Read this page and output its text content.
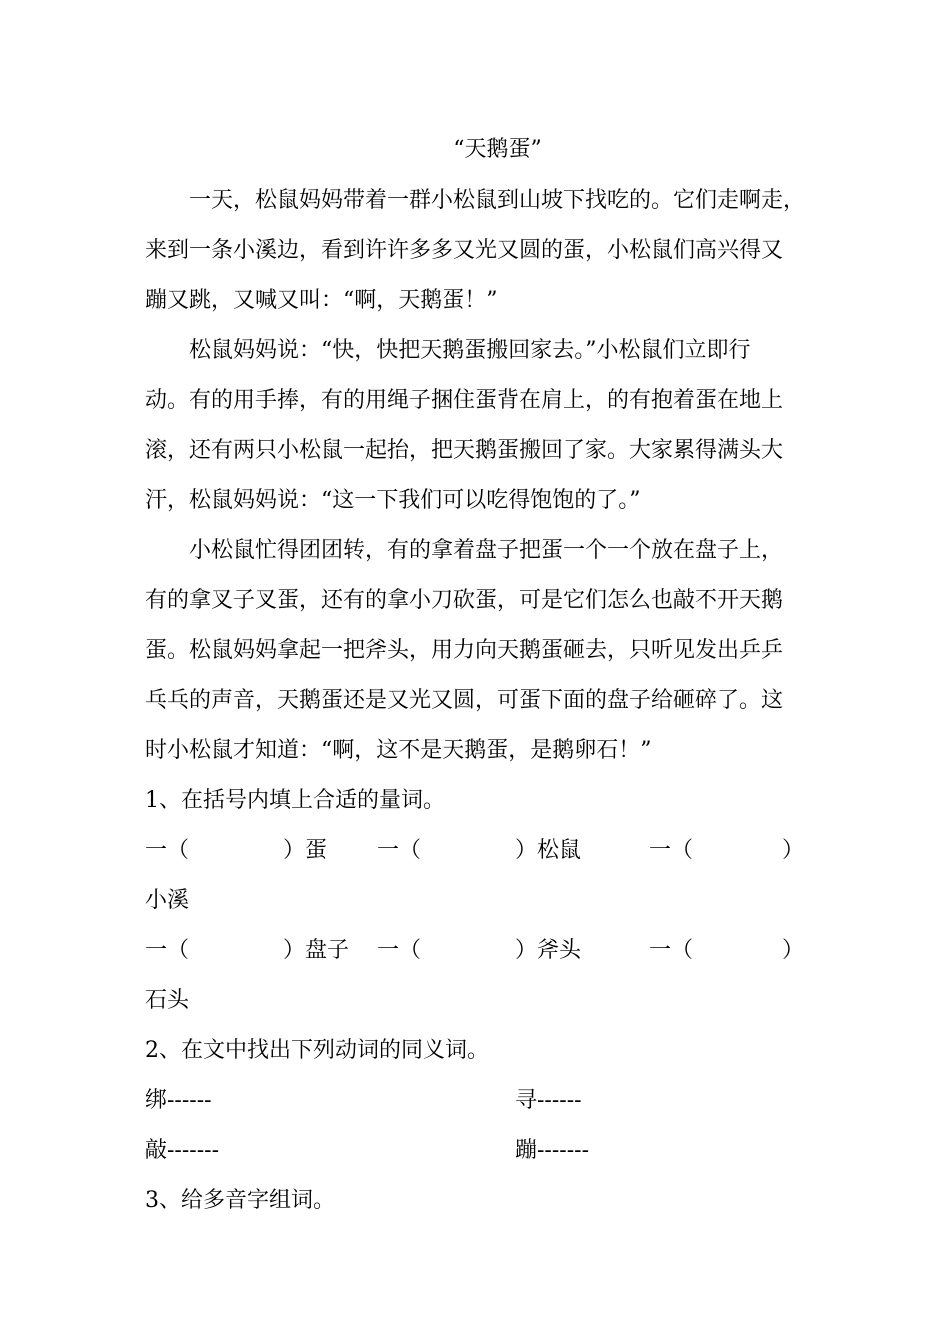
“天鹅蛋”
一天，松鼠妈妈带着一群小松鼠到山坡下找吃的。它们走啊走，
来到一条小溪边，看到许许多多又光又圆的蛋，小松鼠们高兴得又
蹦又跳，又喊又叫：“啊，天鹅蛋！”
松鼠妈妈说：“快，快把天鹅蛋搬回家去。”小松鼠们立即行
动。有的用手捧，有的用绳子捆住蛋背在肩上，的有抱着蛋在地上
滚，还有两只小松鼠一起抬，把天鹅蛋搬回了家。大家累得满头大
汗，松鼠妈妈说：“这一下我们可以吃得饱饱的了。”
小松鼠忙得团团转，有的拿着盘子把蛋一个一个放在盘子上，
有的拿叉子叉蛋，还有的拿小刀砍蛋，可是它们怎么也敲不开天鹅
蛋。松鼠妈妈拿起一把斧头，用力向天鹅蛋砸去，只听见发出乒乒
乓乓的声音，天鹅蛋还是又光又圆，可蛋下面的盘子给砸碎了。这
时小松鼠才知道：“啊，这不是天鹅蛋，是鹅卵石！”
1、在括号内填上合适的量词。
一（	）蛋 一（	）松鼠	一（	）
小溪
一（	）盘子 一（	）斧头	一（	）
石头
2、在文中找出下列动词的同义词。
绑------	寻------
敲-------	蹦-------
3、给多音字组词。
